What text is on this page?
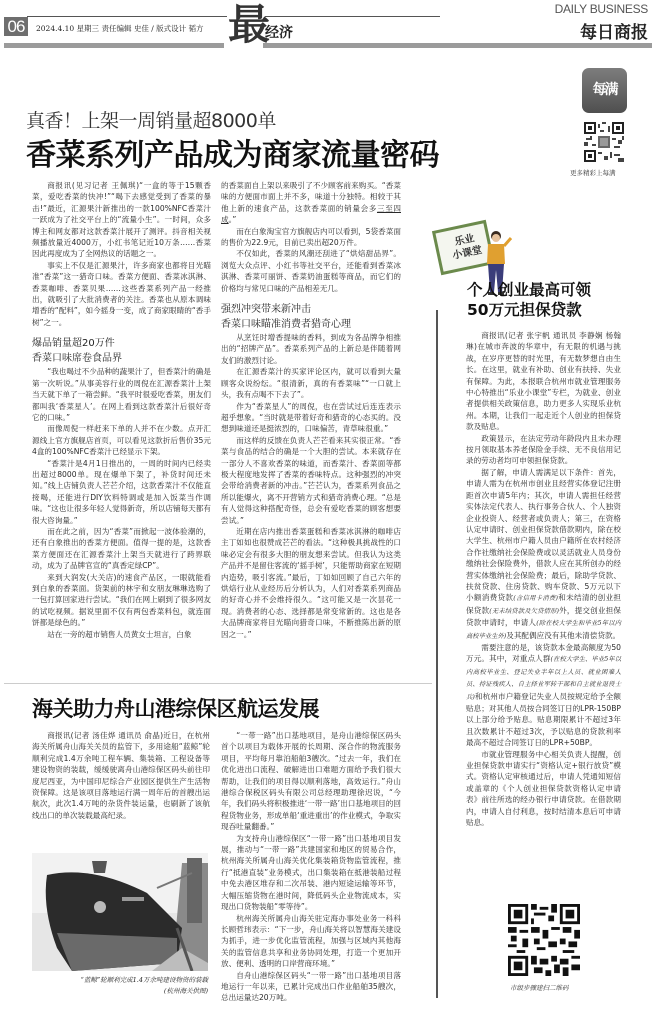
06	2024.4.10 星期三 责任编辑 史佳 / 版式设计 韬方 最
经济
DAILY BUSINESS
每日商报
真香！上架一周销量超8000单
香菜系列产品成为商家流量密码
每满
更多精彩上每满

商报讯(见习记者 王佩琪)“一盒的等于15颗香菜，爱吃香菜的快冲!”“喝下去感觉受到了香菜的暴击!”最近，汇源果汁新推出的一款100%NFC香菜汁一跃成为了社交平台上的“流量小生”。一时间，众多博主和网友都对这款香菜汁展开了测评。抖音相关视频播放量近4000万，小红书笔记近10万条……香菜因此再度成为了全网热议的话题之一。

事实上不仅是汇源果汁，许多商家也都将目光瞄准“香菜”这一猎奇口味。香菜方便面、香菜冰淇淋、香菜咖啡、香菜贝果……这些香菜系列产品一经推出，就吸引了大批消费者的关注。香菜也从原本调味增香的“配料”，如今摇身一变，成了商家眼睛的“香手树”之一。

爆品销量超20万件

香菜口味席卷食品界

“我也喝过不少品种的蔬果汁了，但香菜汁的确是第一次听说。”从事美容行业的周倪在汇源香菜汁上架当天就下单了一箱尝鲜。“我平时很爱吃香菜，朋友们都叫我‘香菜星人’。在网上看到这款香菜汁后很好奇它的口味。”

而像周倪一样赶来下单的人并不在少数。点开汇源线上官方旗舰店首页，可以看见这款折后售价35元4盒的100%NFC香菜汁已经显示下架。

“香菜汁是4月1日推出的，一周的时间内已经卖出超过8000单。现在爆单下架了，补货时间还未知。”线上店铺负责人芒芒介绍，这款香菜汁不仅能直接喝，还能进行DIY饮料特调或是加入饭菜当作调味。“这也让很多年轻人觉得新奇，所以店铺每天都有很大咨询量。”

而在此之前，因为“香菜”而掀起一波体验潮的，还有白象推出的香菜方便面。值得一提的是，这款香菜方便面还在汇源香菜汁上架当天就进行了跨界联动，成为了品牌官宣的“真香定绿CP”。

来到大润发(大关店)的速食产品区，一眼就能看到白象的香菜面。货架前的林宇和女朋友琳琳选购了一包打算回家进行尝试。“我们在网上刷到了很多网友的试吃视频。据说里面不仅有两包香菜料包，就连面饼都是绿色的。”

站在一旁的超市销售人员黄女士坦言，白象

的香菜面自上架以来吸引了不少顾客前来购买。“香菜味的方便面市面上并不多，味道十分独特。相较于其他上新的速食产品，这款香菜面的销量会多三至四成。”

而在白象淘宝官方旗舰店内可以看到，5袋香菜面的售价为22.9元，目前已卖出超20万件。

不仅如此，香菜的风潮还刮进了“烘焙甜品界”。浏览大众点评、小红书等社交平台，还能看到香菜冰淇淋、香菜可丽饼、香菜奶油蛋糕等商品，而它们的价格均与常见口味的产品相差无几。

强烈冲突带来新冲击

香菜口味瞄准消费者猎奇心理

从烹饪时增香提味的香料，到成为各品牌争相推出的“招牌产品”。香菜系列产品的上新总是伴随着网友们的激烈讨论。

在汇源香菜汁的买家评论区内，就可以看到大量顾客众说纷纭。“很清新，真的有香菜味”“一口就上头，我有点喝不下去了”。

作为“香菜星人”的周倪，也在尝试过后连连表示超乎想象。“当时就是带着好奇和猎奇的心态买的。没想到味道还是挺浓烈的，口味偏苦，青草味很重。”

而这样的反馈在负责人芒芒看来其实很正常。“香菜与食品的结合的确是一个大胆的尝试。本来就存在一部分人不喜欢香菜的味道，而香菜汁、香菜面等都极大程度地发挥了香菜的香味特点。这种强烈的冲突会带给消费者新的冲击。”芒芒认为，香菜系列食品之所以能爆火，离不开营销方式和猎奇消费心理。“总是有人觉得这种搭配奇怪，总会有爱吃香菜的顾客想要尝试。”

近期在店内推出香菜蛋糕和香菜冰淇淋的咖啡店主丁如如也很赞成芒芒的看法。“这种极具挑战性的口味必定会有很多大胆的朋友想来尝试。但我认为这类产品并不是留住客流的‘摇手树’，只能帮助商家在短期内造势，吸引客流。”最后，丁如如回顾了自己六年的烘焙行业从业经历后分析认为，人们对香菜系列商品的好奇心并不会维持很久。“这可能又是一次昙花一现。消费者的心态、选择都是常变常新的。这也是各大品牌商家将目光瞄向猎奇口味，不断推陈出新的原因之一。”

乐业
小课堂
个人创业最高可领
50万元担保贷款

商报讯(记者 张宇帆 通讯员 李静娴 杨翰琳)在城市奔波的华章中，有无限的机遇与挑战，在岁序更替的时光里，有无数梦想自由生长。在这里，就业有补助、创业有扶持、失业有保障。为此，本报联合杭州市就业管理服务中心特推出“乐业小课堂”专栏，为就业、创业者提供相关政策信息，助力更多人实现乐业杭州。本期，让我们一起走近个人创业的担保贷款及贴息。

政策显示，在法定劳动年龄段内且未办理按月领取基本养老保险金手续、无不良信用记录的劳动者均可申领担保贷款。

据了解，申请人需满足以下条件：首先，申请人需为在杭州市创业且经营实体登记注册距首次申请5年内；其次，申请人需担任经营实体法定代表人、执行事务合伙人、个人独资企业投资人、经营者或负责人；第三，在资格认定申请时、创业担保贷款借款期内，除在校大学生、杭州市户籍人员由户籍所在农村经济合作社缴纳社会保险费或以灵活就业人员身份缴纳社会保险费外，借款人应在其所创办的经营实体缴纳社会保险费；最后，除助学贷款、扶贫贷款、住房贷款、购车贷款、5万元以下小额消费贷款(含信用卡消费)和未结清的创业担保贷款(无未结贷款及欠贷情形)外，提交创业担保贷款申请时，申请人(除在校大学生和毕业5年以内高校毕业生外)及其配偶应没有其他未清偿贷款。

需要注意的是，该贷款本金最高额度为50万元。其中，对重点人群(在校大学生、毕业5年以内高校毕业生、登记失业半年以上人员、就业困难人员、持证残疾人、自主择业军转干部和自主就业退役士兵)和杭州市户籍登记失业人员按规定给予全额贴息；对其他人员按合同签订日的LPR-150BP以上部分给予贴息。贴息期限累计不超过3年且次数累计不超过3次，予以贴息的贷款利率最高不超过合同签订日的LPR+50BP。

市就业管理服务中心相关负责人提醒，创业担保贷款申请实行“资格认定+银行放贷”模式。资格认定审核通过后，申请人凭通知短信或盖章的《个人创业担保贷款资格认定申请表》前往所选的经办银行申请贷款。在借款期内，申请人自付利息，按时结清本息后可申请贴息。

市级步骤建扫二维码
海关助力舟山港综保区航运发展

商报讯(记者 汤佳烨 通讯员 俞晶)近日，在杭州海关所属舟山海关关员的监管下，多用途船“蓝鲸”轮顺利完成1.4万余吨工程车辆、集装箱、工程设备等建设物资的装载，缓缓驶离舟山港综保区码头前往印度尼西亚，为中国印尼综合产业园区提供生产生活物资保障。这是该项目落地运行满一周年后的首艘出运航次，此次1.4万吨的杂货件装运量，也刷新了该航线出口的单次装载最高纪录。

“蓝鲸”轮顺利完成1.4万余吨建设物资的装载
(杭州海关供图)

“一带一路”出口基地项目，是舟山港综保区码头首个以项目为载体开展的长周期、深合作的物流服务项目，平均每月靠泊船舶3艘次。“过去一年，我们在优化进出口流程、破解进出口难题方面给予我们很大帮助，让我们的项目得以顺利落地，高效运行。”舟山港综合保税区码头有限公司总经理助理徐迟说，“今年，我们码头将积极推进‘一带一路’出口基地项目的回程货物业务，形成单船‘重进重出’的作业模式，争取实现吞吐量翻番。”

为支持舟山港综保区“一带一路”出口基地项目发展，推动与“一带一路”共建国家和地区的贸易合作，杭州海关所属舟山海关优化集装箱货物监管流程，推行“抵港直装”业务模式，出口集装箱在抵港装船过程中免去港区堆存和二次吊装、港内短途运输等环节，大幅压缩货物在港时间，降低码头企业物流成本，实现出口货物装船“零等待”。

杭州海关所属舟山海关驻定海办事处业务一科科长顾哲玮表示：“下一步，舟山海关将以智慧海关建设为抓手，进一步优化监管流程，加强与区域内其他海关的监管信息共享和业务协同处理，打造一个更加开放、便利、透明的口岸营商环境。”

自舟山港综保区码头“一带一路”出口基地项目落地运行一年以来，已累计完成出口作业船舶35艘次，总出运量达20万吨。
